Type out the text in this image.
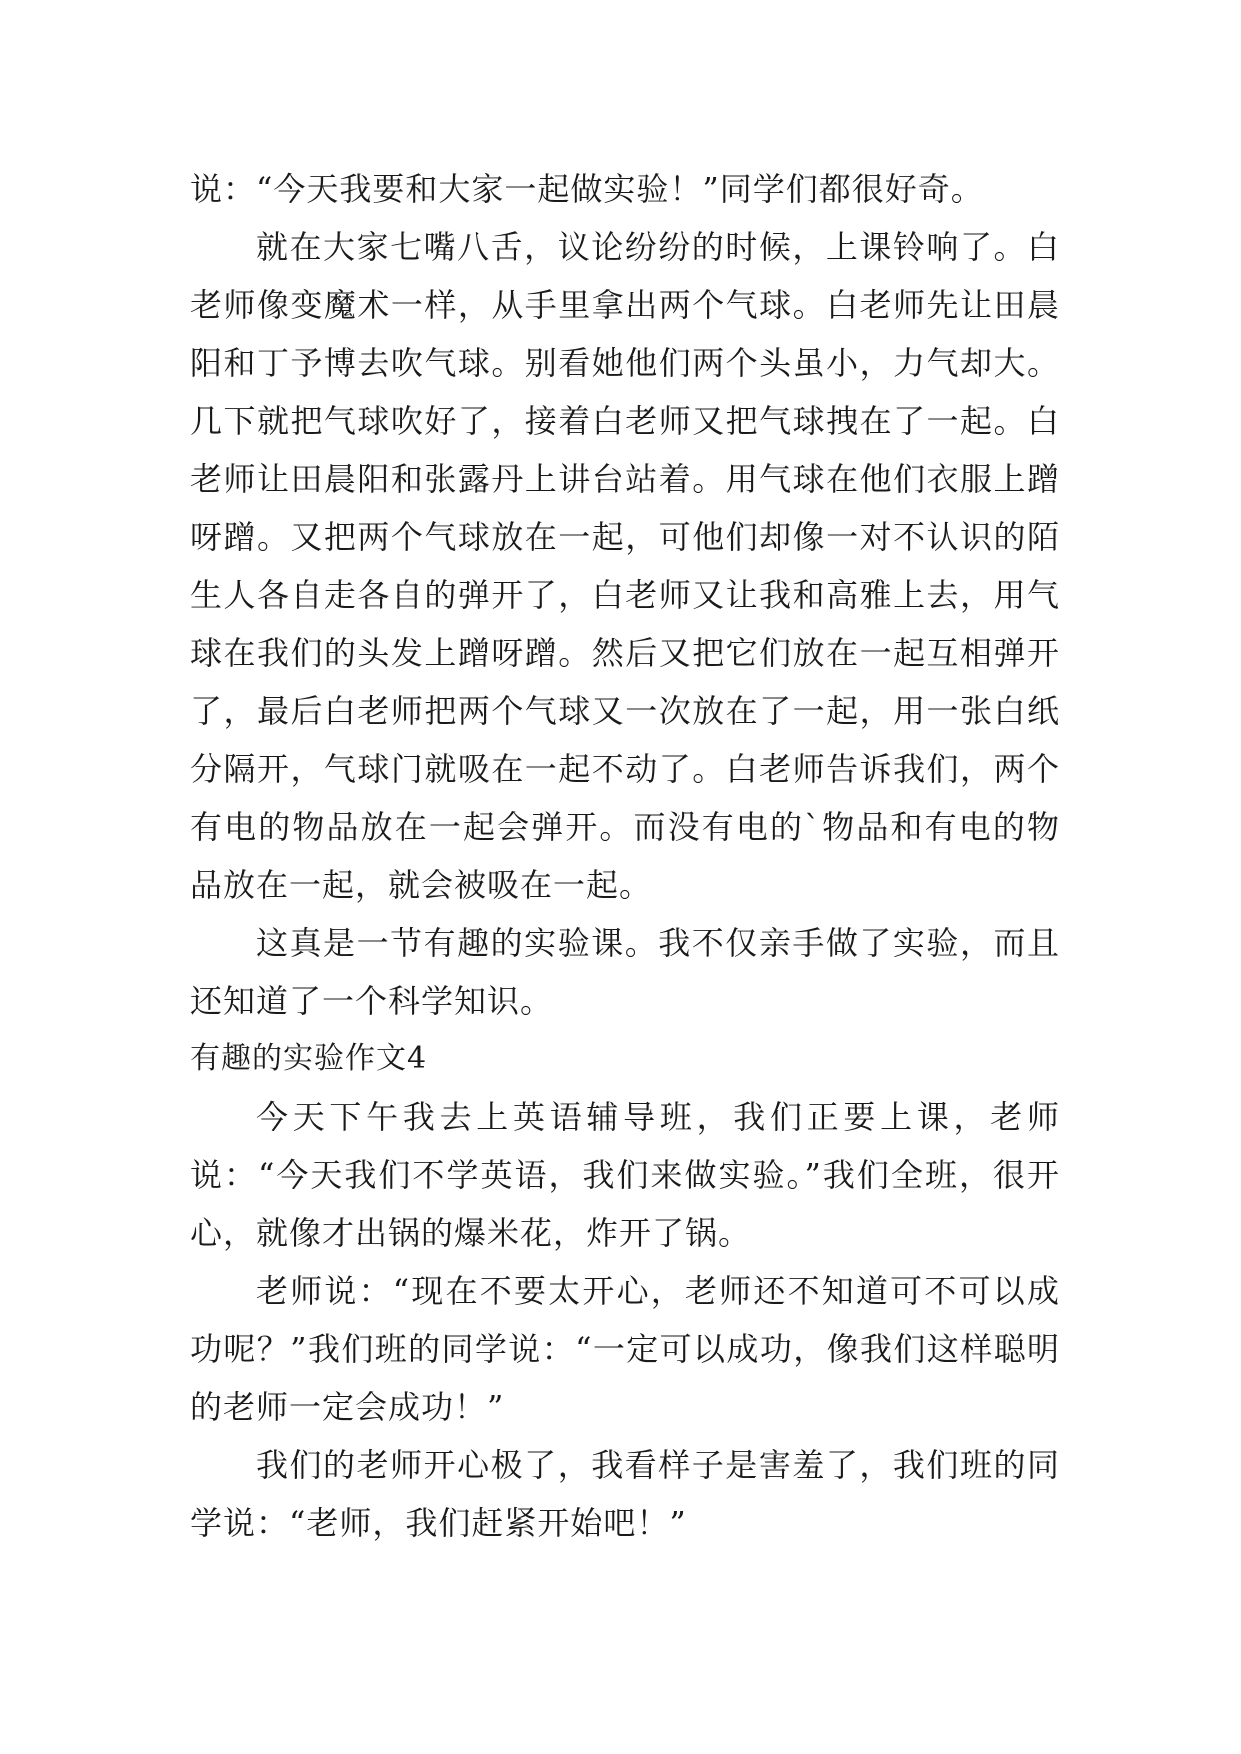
说：“今天我要和大家一起做实验！”同学们都很好奇。

就在大家七嘴八舌，议论纷纷的时候，上课铃响了。白老师像变魔术一样，从手里拿出两个气球。白老师先让田晨阳和丁予博去吹气球。别看她他们两个头虽小，力气却大。几下就把气球吹好了，接着白老师又把气球拽在了一起。白老师让田晨阳和张露丹上讲台站着。用气球在他们衣服上蹭呀蹭。又把两个气球放在一起，可他们却像一对不认识的陌生人各自走各自的弹开了，白老师又让我和高雅上去，用气球在我们的头发上蹭呀蹭。然后又把它们放在一起互相弹开了，最后白老师把两个气球又一次放在了一起，用一张白纸分隔开，气球门就吸在一起不动了。白老师告诉我们，两个有电的物品放在一起会弹开。而没有电的`物品和有电的物品放在一起，就会被吸在一起。

这真是一节有趣的实验课。我不仅亲手做了实验，而且还知道了一个科学知识。

有趣的实验作文4

今天下午我去上英语辅导班，我们正要上课，老师说：“今天我们不学英语，我们来做实验。”我们全班，很开心，就像才出锅的爆米花，炸开了锅。

老师说：“现在不要太开心，老师还不知道可不可以成功呢？”我们班的同学说：“一定可以成功，像我们这样聪明的老师一定会成功！”

我们的老师开心极了，我看样子是害羞了，我们班的同学说：“老师，我们赶紧开始吧！”
